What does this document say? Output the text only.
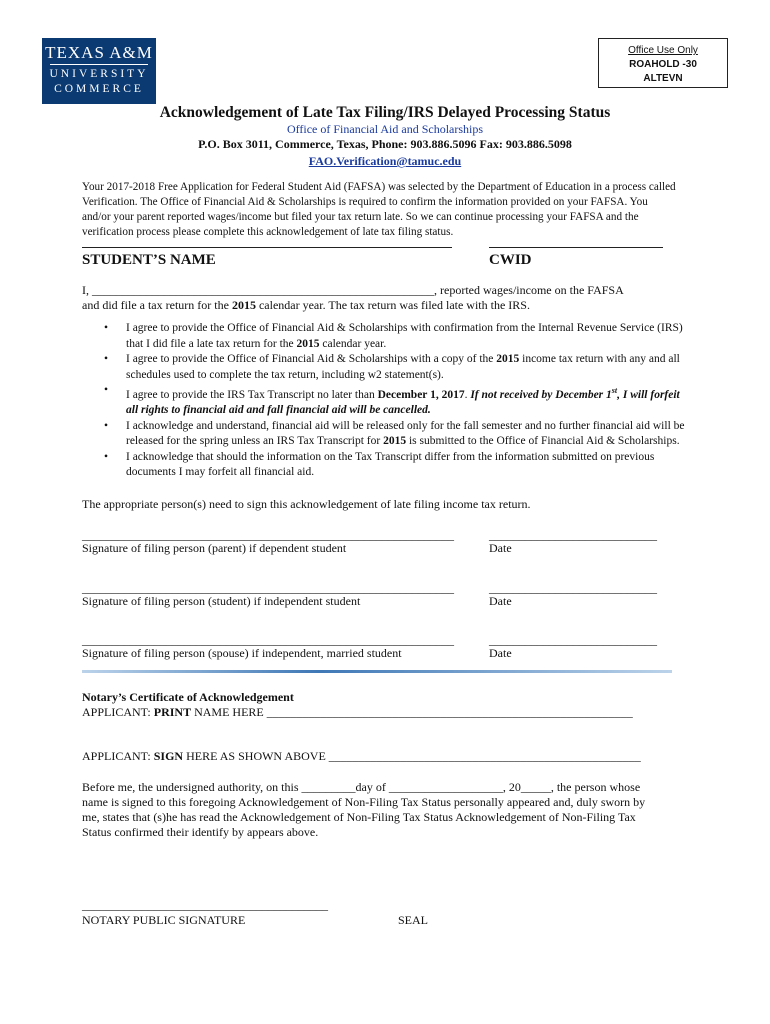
TEXAS A&M
UNIVERSITY
COMMERCE
Office Use Only
ROAHOLD -30
ALTEVN
Acknowledgement of Late Tax Filing/IRS Delayed Processing Status
Office of Financial Aid and Scholarships
P.O. Box 3011, Commerce, Texas, Phone: 903.886.5096 Fax: 903.886.5098
FAO.Verification@tamuc.edu
Your 2017-2018 Free Application for Federal Student Aid (FAFSA) was selected by the Department of Education in a process called
Verification. The Office of Financial Aid & Scholarships is required to confirm the information provided on your FAFSA. You
and/or your parent reported wages/income but filed your tax return late. So we can continue processing your FAFSA and the
verification process please complete this acknowledgement of late tax filing status.
STUDENT’S NAME	CWID
I, _________________________________________________________, reported wages/income on the FAFSA
and did file a tax return for the 2015 calendar year. The tax return was filed late with the IRS.
• I agree to provide the Office of Financial Aid & Scholarships with confirmation from the Internal Revenue Service (IRS) that I did file a late tax return for the 2015 calendar year.
• I agree to provide the Office of Financial Aid & Scholarships with a copy of the 2015 income tax return with any and all schedules used to complete the tax return, including w2 statement(s).
• I agree to provide the IRS Tax Transcript no later than December 1, 2017. If not received by December 1st, I will forfeit all rights to financial aid and fall financial aid will be cancelled.
• I acknowledge and understand, financial aid will be released only for the fall semester and no further financial aid will be released for the spring unless an IRS Tax Transcript for 2015 is submitted to the Office of Financial Aid & Scholarships.
• I acknowledge that should the information on the Tax Transcript differ from the information submitted on previous documents I may forfeit all financial aid.
The appropriate person(s) need to sign this acknowledgement of late filing income tax return.
______________________________________________________________	____________________________
Signature of filing person (parent) if dependent student	Date
______________________________________________________________	____________________________
Signature of filing person (student) if independent student	Date
______________________________________________________________	____________________________
Signature of filing person (spouse) if independent, married student	Date
Notary’s Certificate of Acknowledgement
APPLICANT: PRINT NAME HERE _____________________________________________________________
APPLICANT: SIGN HERE AS SHOWN ABOVE ____________________________________________________
Before me, the undersigned authority, on this _________day of ___________________, 20_____, the person whose
name is signed to this foregoing Acknowledgement of Non-Filing Tax Status personally appeared and, duly sworn by
me, states that (s)he has read the Acknowledgement of Non-Filing Tax Status Acknowledgement of Non-Filing Tax
Status confirmed their identify by appears above.
_________________________________________
NOTARY PUBLIC SIGNATURE	SEAL
